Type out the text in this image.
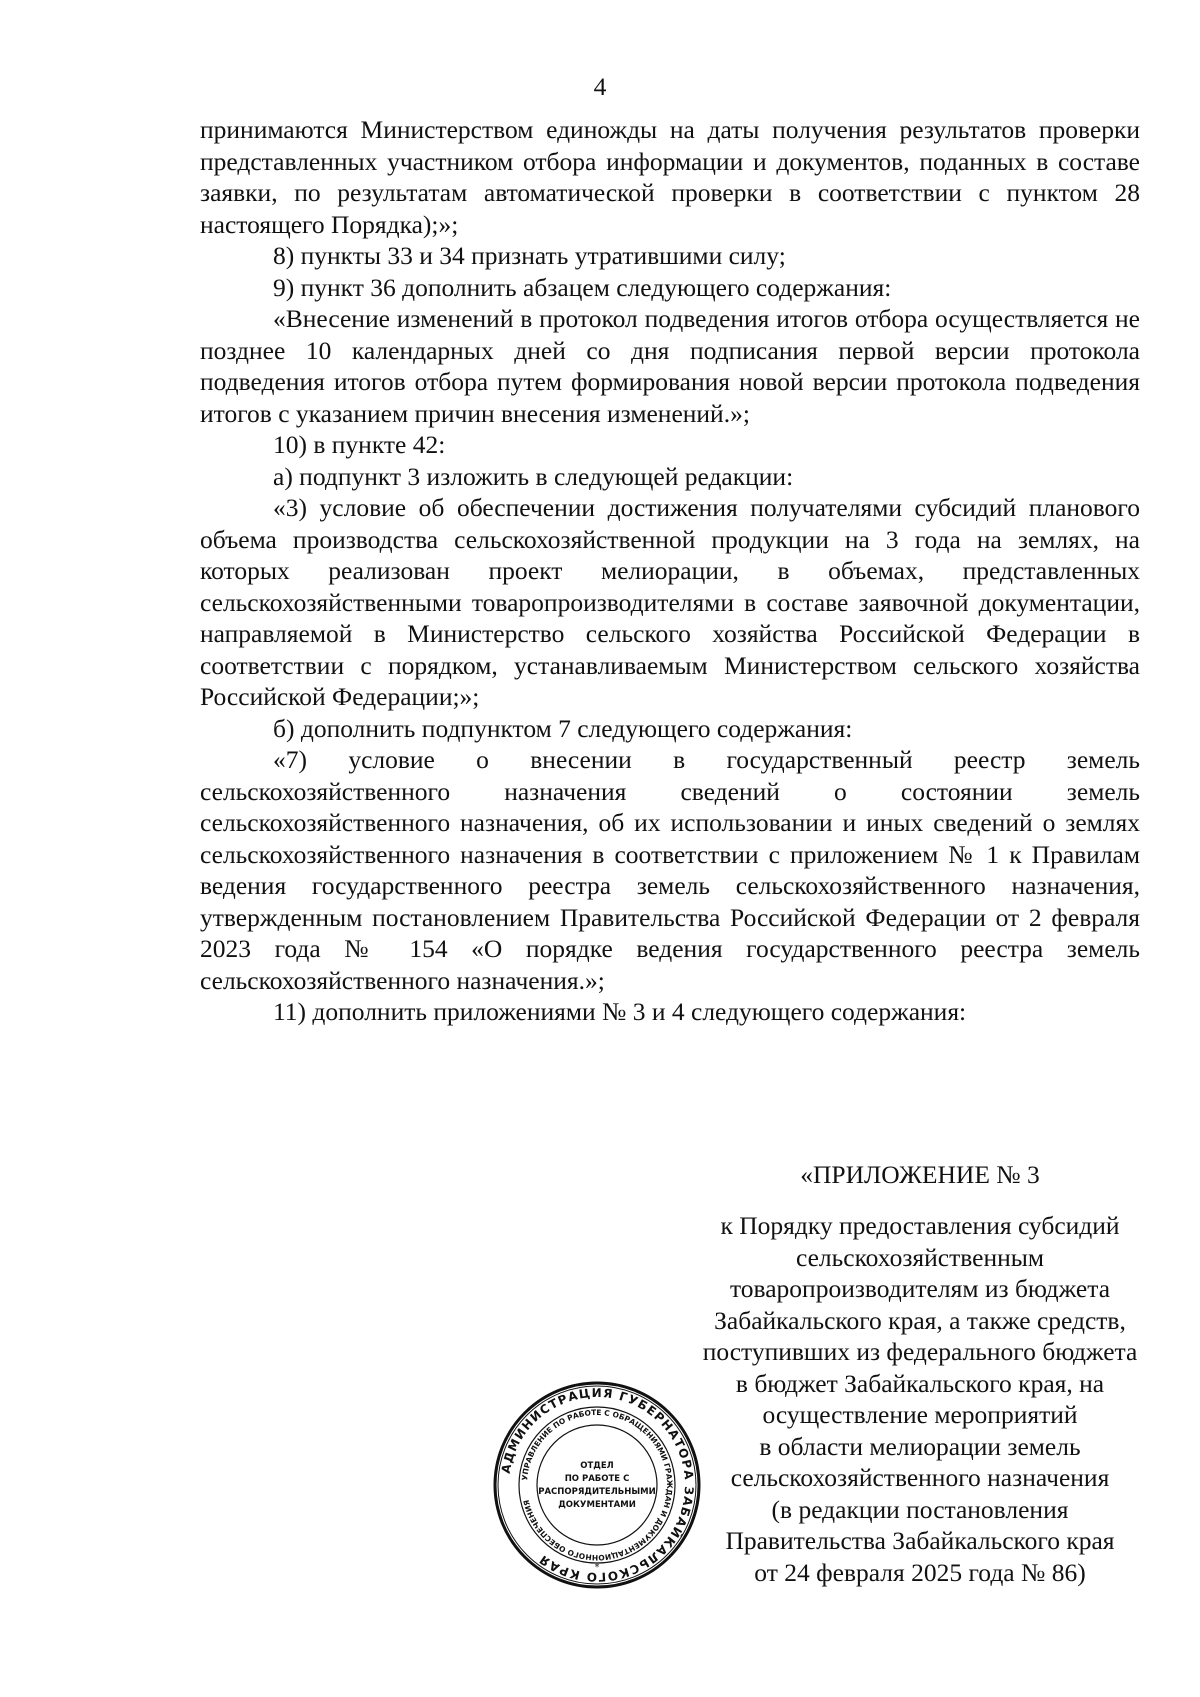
4

принимаются Министерством единожды на даты получения результатов проверки представленных участником отбора информации и документов, поданных в составе заявки, по результатам автоматической проверки в соответствии с пунктом 28 настоящего Порядка);»;

8) пункты 33 и 34 признать утратившими силу;

9) пункт 36 дополнить абзацем следующего содержания:

«Внесение изменений в протокол подведения итогов отбора осуществляется не позднее 10 календарных дней со дня подписания первой версии протокола подведения итогов отбора путем формирования новой версии протокола подведения итогов с указанием причин внесения изменений.»;

10) в пункте 42:

а) подпункт 3 изложить в следующей редакции:

«3) условие об обеспечении достижения получателями субсидий планового объема производства сельскохозяйственной продукции на 3 года на землях, на которых реализован проект мелиорации, в объемах, представленных сельскохозяйственными товаропроизводителями в составе заявочной документации, направляемой в Министерство сельского хозяйства Российской Федерации в соответствии с порядком, устанавливаемым Министерством сельского хозяйства Российской Федерации;»;

б) дополнить подпунктом 7 следующего содержания:

«7) условие о внесении в государственный реестр земель сельскохозяйственного назначения сведений о состоянии земель сельскохозяйственного назначения, об их использовании и иных сведений о землях сельскохозяйственного назначения в соответствии с приложением № 1 к Правилам ведения государственного реестра земель сельскохозяйственного назначения, утвержденным постановлением Правительства Российской Федерации от 2 февраля 2023 года № 154 «О порядке ведения государственного реестра земель сельскохозяйственного назначения.»;

11) дополнить приложениями № 3 и 4 следующего содержания:

«ПРИЛОЖЕНИЕ № 3
к Порядку предоставления субсидий
сельскохозяйственным
товаропроизводителям из бюджета
Забайкальского края, а также средств,
поступивших из федерального бюджета
в бюджет Забайкальского края, на
осуществление мероприятий
в области мелиорации земель
сельскохозяйственного назначения
(в редакции постановления
Правительства Забайкальского края
от 24 февраля 2025 года № 86)
АДМИНИСТРАЦИЯ ГУБЕРНАТОРА ЗАБАЙКАЛЬСКОГО КРАЯ
УПРАВЛЕНИЕ ПО РАБОТЕ С ОБРАЩЕНИЯМИ ГРАЖДАН И ДОКУМЕНТАЦИОННОГО ОБЕСПЕЧЕНИЯ
ОТДЕЛ
ПО РАБОТЕ С
РАСПОРЯДИТЕЛЬНЫМИ
ДОКУМЕНТАМИ
*
